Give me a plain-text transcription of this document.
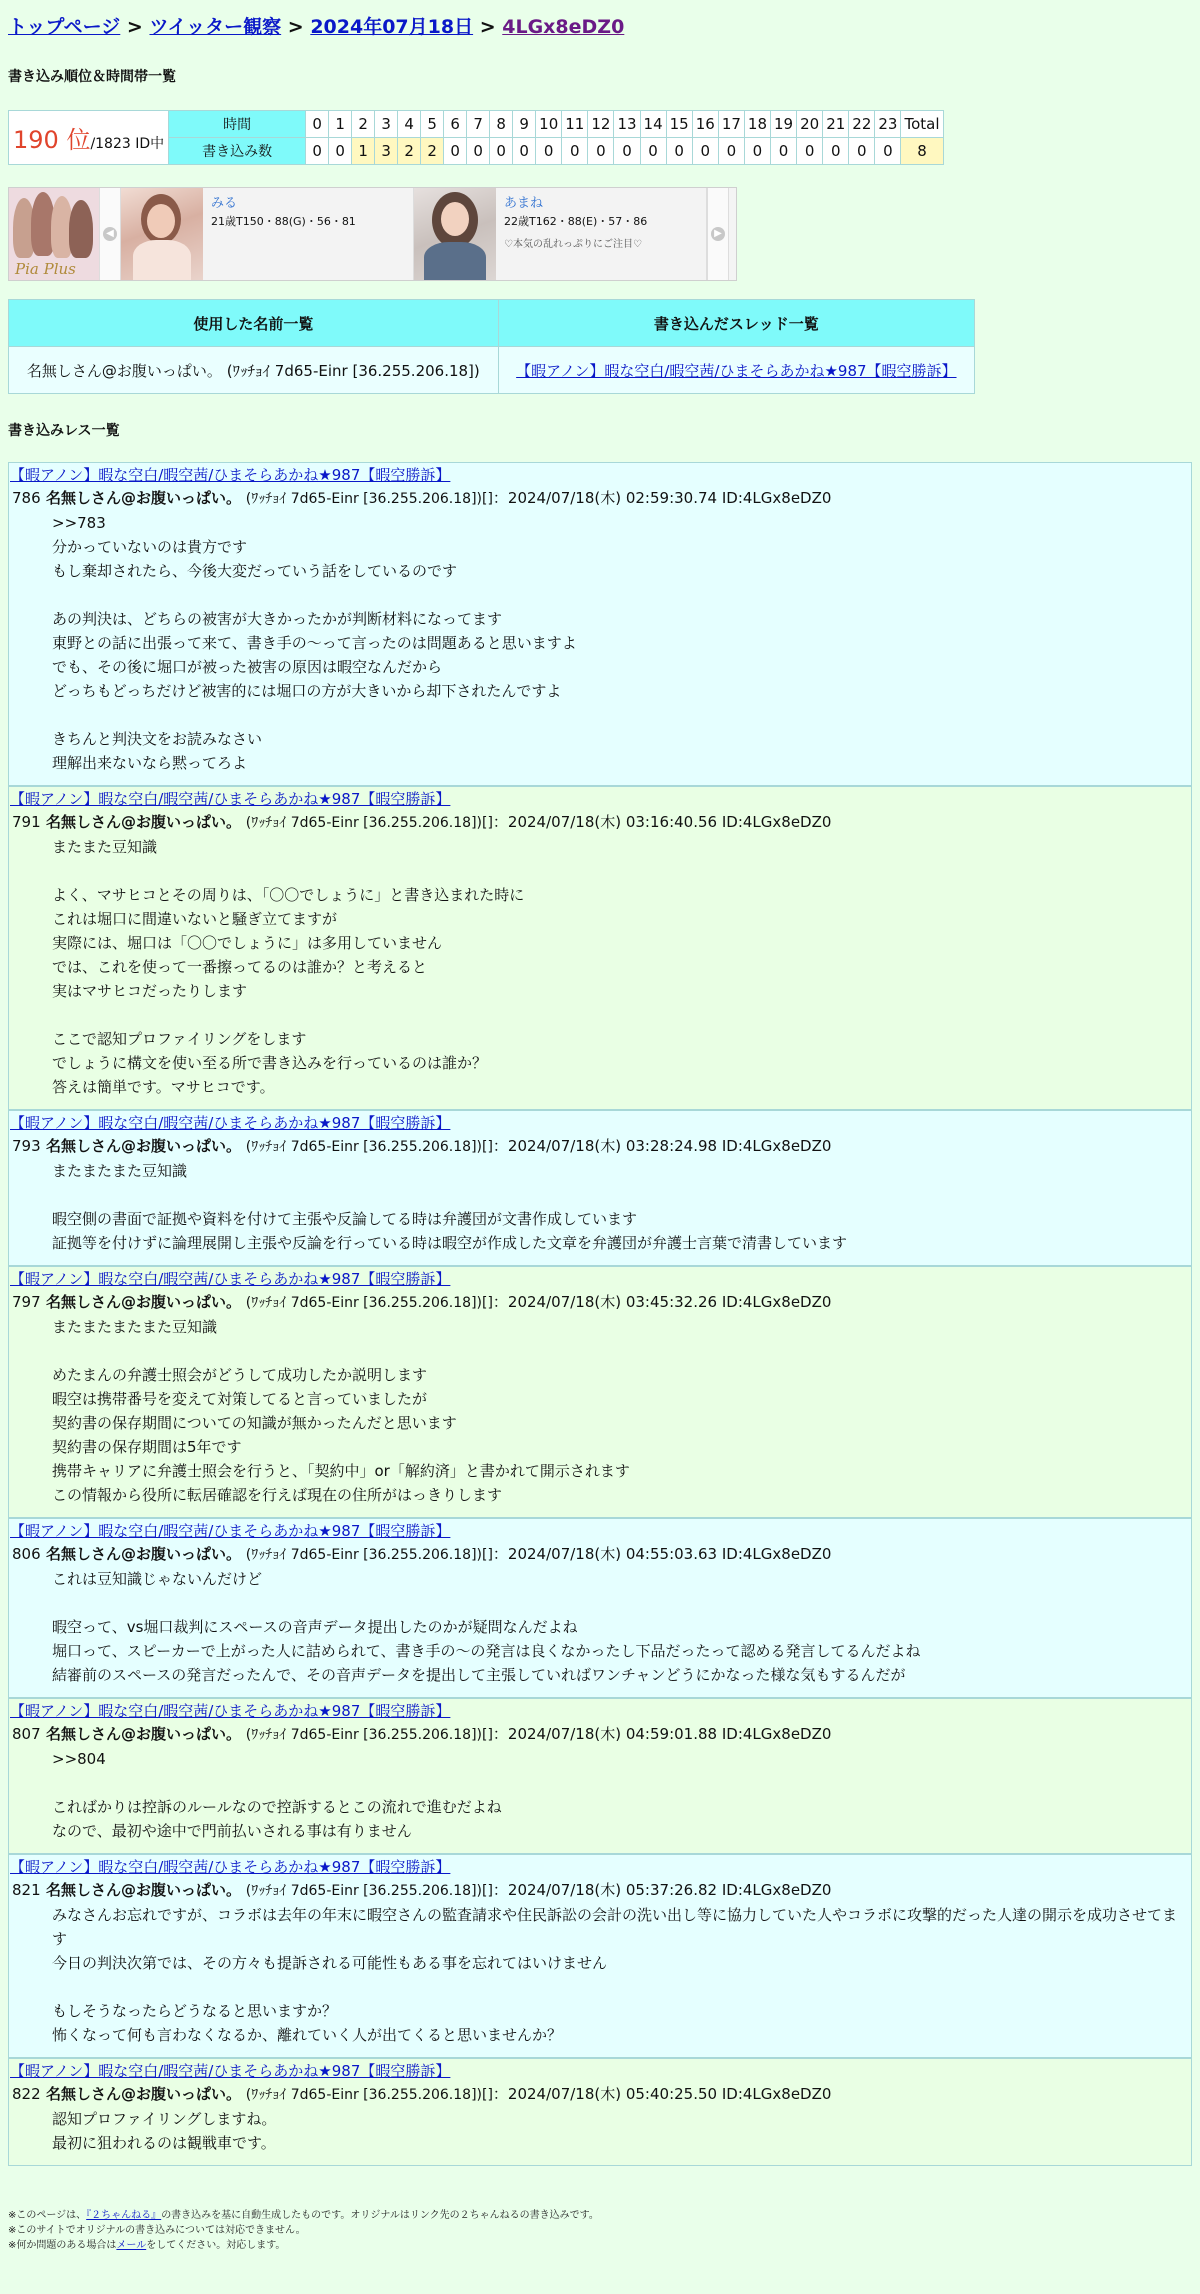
トップページ > ツイッター観察 > 2024年07月18日 > 4LGx8eDZ0
書き込み順位＆時間帯一覧
190 位/1823 ID中	時間	0	1	2	3	4	5	6	7	8	9	10	11	12	13	14	15	16	17	18	19	20	21	22	23	Total
	書き込み数	0	0	1	3	2	2	0	0	0	0	0	0	0	0	0	0	0	0	0	0	0	0	0	0	8
Pia Plus
◀
みる
21歳T150・88(G)・56・81
あまね
22歳T162・88(E)・57・86
♡本気の乱れっぷりにご注目♡
▶
使用した名前一覧	書き込んだスレッド一覧
名無しさん@お腹いっぱい。 (ﾜｯﾁｮｲ 7d65-Einr [36.255.206.18])	【暇アノン】暇な空白/暇空茜/ひまそらあかね★987【暇空勝訴】
書き込みレス一覧
【暇アノン】暇な空白/暇空茜/ひまそらあかね★987【暇空勝訴】
786 名無しさん@お腹いっぱい。 (ﾜｯﾁｮｲ 7d65-Einr [36.255.206.18])[]：2024/07/18(木) 02:59:30.74 ID:4LGx8eDZ0
>>783
分かっていないのは貴方です
もし棄却されたら、今後大変だっていう話をしているのです

あの判決は、どちらの被害が大きかったかが判断材料になってます
東野との話に出張って来て、書き手の〜って言ったのは問題あると思いますよ
でも、その後に堀口が被った被害の原因は暇空なんだから
どっちもどっちだけど被害的には堀口の方が大きいから却下されたんですよ

きちんと判決文をお読みなさい
理解出来ないなら黙ってろよ
【暇アノン】暇な空白/暇空茜/ひまそらあかね★987【暇空勝訴】
791 名無しさん@お腹いっぱい。 (ﾜｯﾁｮｲ 7d65-Einr [36.255.206.18])[]：2024/07/18(木) 03:16:40.56 ID:4LGx8eDZ0
またまた豆知識

よく、マサヒコとその周りは、「〇〇でしょうに」と書き込まれた時に
これは堀口に間違いないと騒ぎ立てますが
実際には、堀口は「〇〇でしょうに」は多用していません
では、これを使って一番擦ってるのは誰か？と考えると
実はマサヒコだったりします

ここで認知プロファイリングをします
でしょうに構文を使い至る所で書き込みを行っているのは誰か？
答えは簡単です。マサヒコです。
【暇アノン】暇な空白/暇空茜/ひまそらあかね★987【暇空勝訴】
793 名無しさん@お腹いっぱい。 (ﾜｯﾁｮｲ 7d65-Einr [36.255.206.18])[]：2024/07/18(木) 03:28:24.98 ID:4LGx8eDZ0
またまたまた豆知識

暇空側の書面で証拠や資料を付けて主張や反論してる時は弁護団が文書作成しています
証拠等を付けずに論理展開し主張や反論を行っている時は暇空が作成した文章を弁護団が弁護士言葉で清書しています
【暇アノン】暇な空白/暇空茜/ひまそらあかね★987【暇空勝訴】
797 名無しさん@お腹いっぱい。 (ﾜｯﾁｮｲ 7d65-Einr [36.255.206.18])[]：2024/07/18(木) 03:45:32.26 ID:4LGx8eDZ0
またまたまたまた豆知識

めたまんの弁護士照会がどうして成功したか説明します
暇空は携帯番号を変えて対策してると言っていましたが
契約書の保存期間についての知識が無かったんだと思います
契約書の保存期間は5年です
携帯キャリアに弁護士照会を行うと、「契約中」or「解約済」と書かれて開示されます
この情報から役所に転居確認を行えば現在の住所がはっきりします
【暇アノン】暇な空白/暇空茜/ひまそらあかね★987【暇空勝訴】
806 名無しさん@お腹いっぱい。 (ﾜｯﾁｮｲ 7d65-Einr [36.255.206.18])[]：2024/07/18(木) 04:55:03.63 ID:4LGx8eDZ0
これは豆知識じゃないんだけど

暇空って、vs堀口裁判にスペースの音声データ提出したのかが疑問なんだよね
堀口って、スピーカーで上がった人に詰められて、書き手の〜の発言は良くなかったし下品だったって認める発言してるんだよね
結審前のスペースの発言だったんで、その音声データを提出して主張していればワンチャンどうにかなった様な気もするんだが
【暇アノン】暇な空白/暇空茜/ひまそらあかね★987【暇空勝訴】
807 名無しさん@お腹いっぱい。 (ﾜｯﾁｮｲ 7d65-Einr [36.255.206.18])[]：2024/07/18(木) 04:59:01.88 ID:4LGx8eDZ0
>>804

こればかりは控訴のルールなので控訴するとこの流れで進むだよね
なので、最初や途中で門前払いされる事は有りません
【暇アノン】暇な空白/暇空茜/ひまそらあかね★987【暇空勝訴】
821 名無しさん@お腹いっぱい。 (ﾜｯﾁｮｲ 7d65-Einr [36.255.206.18])[]：2024/07/18(木) 05:37:26.82 ID:4LGx8eDZ0
みなさんお忘れですが、コラボは去年の年末に暇空さんの監査請求や住民訴訟の会計の洗い出し等に協力していた人やコラボに攻撃的だった人達の開示を成功させてます
今日の判決次第では、その方々も提訴される可能性もある事を忘れてはいけません

もしそうなったらどうなると思いますか？
怖くなって何も言わなくなるか、離れていく人が出てくると思いませんか？
【暇アノン】暇な空白/暇空茜/ひまそらあかね★987【暇空勝訴】
822 名無しさん@お腹いっぱい。 (ﾜｯﾁｮｲ 7d65-Einr [36.255.206.18])[]：2024/07/18(木) 05:40:25.50 ID:4LGx8eDZ0
認知プロファイリングしますね。
最初に狙われるのは観戦車です。
※このページは、『２ちゃんねる』の書き込みを基に自動生成したものです。オリジナルはリンク先の２ちゃんねるの書き込みです。
※このサイトでオリジナルの書き込みについては対応できません。
※何か問題のある場合はメールをしてください。対応します。
